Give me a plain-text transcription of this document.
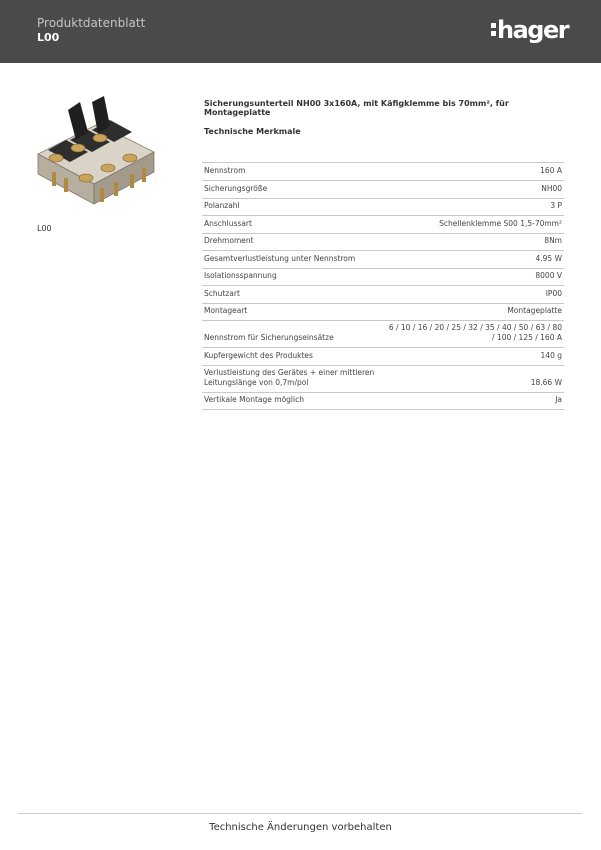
Produktdatenblatt
L00	hager
L00
Sicherungsunterteil NH00 3x160A, mit Käfigklemme bis 70mm², für Montageplatte
Technische Merkmale
Nennstrom	160 A
Sicherungsgröße	NH00
Polanzahl	3 P
Anschlussart	Schellenklemme S00 1,5-70mm²
Drehmoment	8Nm
Gesamtverlustleistung unter Nennstrom	4.95 W
Isolationsspannung	8000 V
Schutzart	IP00
Montageart	Montageplatte
Nennstrom für Sicherungseinsätze	6 / 10 / 16 / 20 / 25 / 32 / 35 / 40 / 50 / 63 / 80 / 100 / 125 / 160 A
Kupfergewicht des Produktes	140 g
Verlustleistung des Gerätes + einer mittleren Leitungslänge von 0,7m/pol	18.66 W
Vertikale Montage möglich	Ja
Technische Änderungen vorbehalten
